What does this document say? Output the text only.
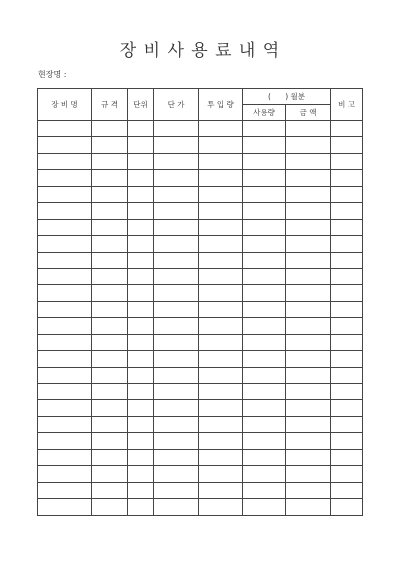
장 비 사 용 료 내 역
현장명 :
장 비 명	규 격	단위	단 가	투 입 량	(      ) 월분		비 고
					사용량	금 액	
